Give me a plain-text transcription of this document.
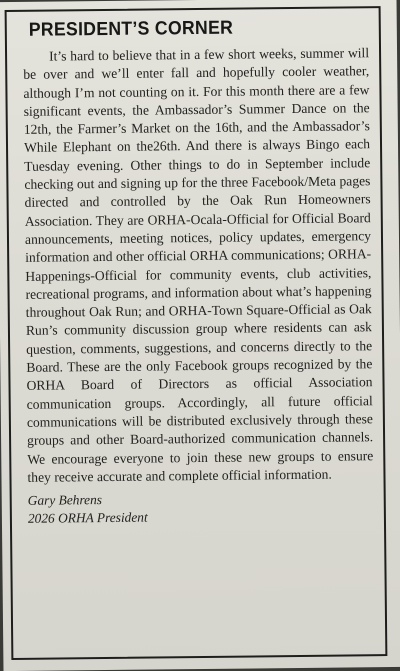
PRESIDENT’S CORNER

It’s hard to believe that in a few short weeks, summer will be over and we’ll enter fall and hopefully cooler weather, although I’m not counting on it. For this month there are a few significant events, the Ambassador’s Summer Dance on the 12th, the Farmer’s Market on the 16th, and the Ambassador’s While Elephant on the26th. And there is always Bingo each Tuesday evening. Other things to do in September include checking out and signing up for the three Facebook/Meta pages directed and controlled by the Oak Run Homeowners Association. They are ORHA-Ocala-Official for Official Board announcements, meeting notices, policy updates, emergency information and other official ORHA communications; ORHA-Happenings-Official for community events, club activities, recreational programs, and information about what’s happening throughout Oak Run; and ORHA-Town Square-Official as Oak Run’s community discussion group where residents can ask question, comments, suggestions, and concerns directly to the Board. These are the only Facebook groups recognized by the ORHA Board of Directors as official Association communication groups. Accordingly, all future official communications will be distributed exclusively through these groups and other Board-authorized communication channels. We encourage everyone to join these new groups to ensure they receive accurate and complete official information.

Gary Behrens
2026 ORHA President
